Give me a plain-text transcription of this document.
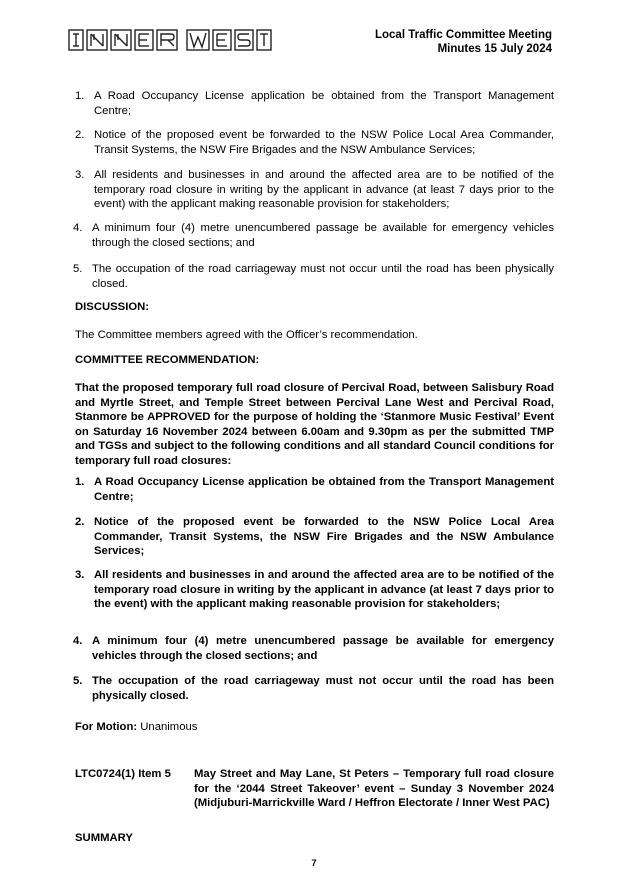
Local Traffic Committee Meeting
Minutes 15 July 2024
1. A Road Occupancy License application be obtained from the Transport Management Centre;
2. Notice of the proposed event be forwarded to the NSW Police Local Area Commander, Transit Systems, the NSW Fire Brigades and the NSW Ambulance Services;
3. All residents and businesses in and around the affected area are to be notified of the temporary road closure in writing by the applicant in advance (at least 7 days prior to the event) with the applicant making reasonable provision for stakeholders;
4. A minimum four (4) metre unencumbered passage be available for emergency vehicles through the closed sections; and
5. The occupation of the road carriageway must not occur until the road has been physically closed.
DISCUSSION:
The Committee members agreed with the Officer’s recommendation.
COMMITTEE RECOMMENDATION:
That the proposed temporary full road closure of Percival Road, between Salisbury Road and Myrtle Street, and Temple Street between Percival Lane West and Percival Road, Stanmore be APPROVED for the purpose of holding the ‘Stanmore Music Festival’ Event on Saturday 16 November 2024 between 6.00am and 9.30pm as per the submitted TMP and TGSs and subject to the following conditions and all standard Council conditions for temporary full road closures:
1. A Road Occupancy License application be obtained from the Transport Management Centre;
2. Notice of the proposed event be forwarded to the NSW Police Local Area Commander, Transit Systems, the NSW Fire Brigades and the NSW Ambulance Services;
3. All residents and businesses in and around the affected area are to be notified of the temporary road closure in writing by the applicant in advance (at least 7 days prior to the event) with the applicant making reasonable provision for stakeholders;
4. A minimum four (4) metre unencumbered passage be available for emergency vehicles through the closed sections; and
5. The occupation of the road carriageway must not occur until the road has been physically closed.
For Motion: Unanimous
LTC0724(1) Item 5 May Street and May Lane, St Peters – Temporary full road closure for the ‘2044 Street Takeover’ event – Sunday 3 November 2024 (Midjuburi-Marrickville Ward / Heffron Electorate / Inner West PAC)
SUMMARY
7
